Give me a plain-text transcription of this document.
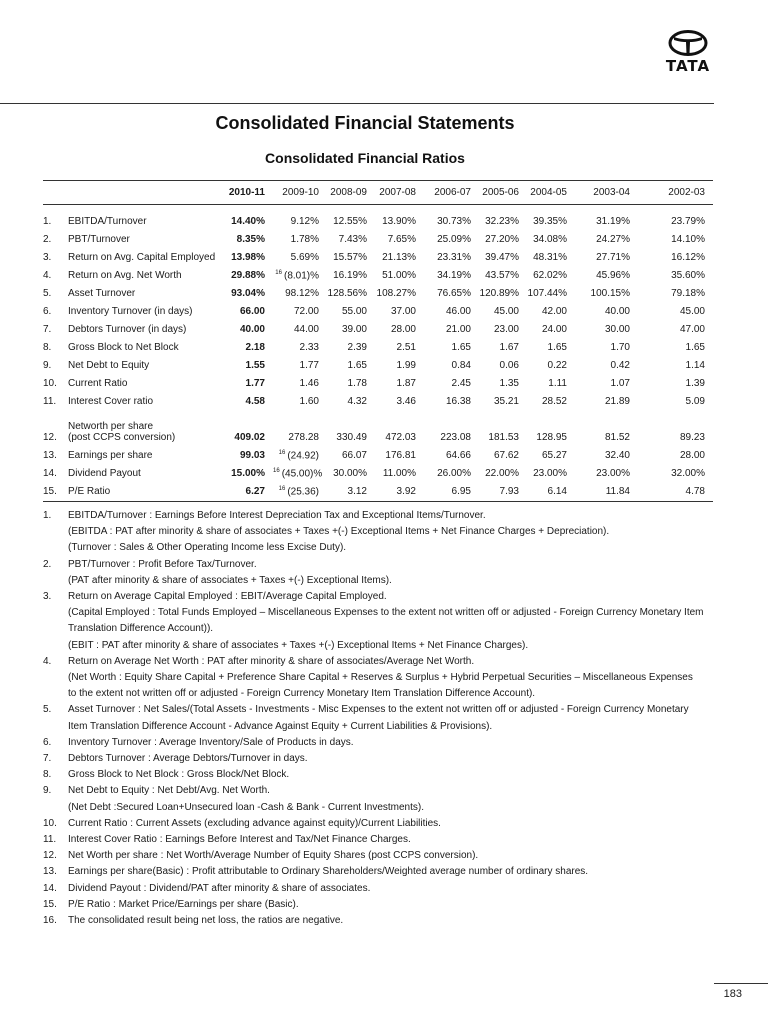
TATA
Consolidated Financial Statements
Consolidated Financial Ratios
		2010-11	2009-10	2008-09	2007-08	2006-07	2005-06	2004-05	2003-04	2002-03
1.	EBITDA/Turnover	14.40%	9.12%	12.55%	13.90%	30.73%	32.23%	39.35%	31.19%	23.79%
2.	PBT/Turnover	8.35%	1.78%	7.43%	7.65%	25.09%	27.20%	34.08%	24.27%	14.10%
3.	Return on Avg. Capital Employed	13.98%	5.69%	15.57%	21.13%	23.31%	39.47%	48.31%	27.71%	16.12%
4.	Return on Avg. Net Worth	29.88%	$^{16}$ (8.01)%	16.19%	51.00%	34.19%	43.57%	62.02%	45.96%	35.60%
5.	Asset Turnover	93.04%	98.12%	128.56%	108.27%	76.65%	120.89%	107.44%	100.15%	79.18%
6.	Inventory Turnover (in days)	66.00	72.00	55.00	37.00	46.00	45.00	42.00	40.00	45.00
7.	Debtors Turnover (in days)	40.00	44.00	39.00	28.00	21.00	23.00	24.00	30.00	47.00
8.	Gross Block to Net Block	2.18	2.33	2.39	2.51	1.65	1.67	1.65	1.70	1.65
9.	Net Debt to Equity	1.55	1.77	1.65	1.99	0.84	0.06	0.22	0.42	1.14
10.	Current Ratio	1.77	1.46	1.78	1.87	2.45	1.35	1.11	1.07	1.39
11.	Interest Cover ratio	4.58	1.60	4.32	3.46	16.38	35.21	28.52	21.89	5.09
12.	Networth per share
(post CCPS conversion)	409.02	278.28	330.49	472.03	223.08	181.53	128.95	81.52	89.23
13.	Earnings per share	99.03	$^{16}$ (24.92)	66.07	176.81	64.66	67.62	65.27	32.40	28.00
14.	Dividend Payout	15.00%	$^{16}$ (45.00)%	30.00%	11.00%	26.00%	22.00%	23.00%	23.00%	32.00%
15.	P/E Ratio	6.27	$^{16}$ (25.36)	3.12	3.92	6.95	7.93	6.14	11.84	4.78
1. EBITDA/Turnover : Earnings Before Interest Depreciation Tax and Exceptional Items/Turnover.
(EBITDA : PAT after minority & share of associates + Taxes +(-) Exceptional Items + Net Finance Charges + Depreciation).
(Turnover : Sales & Other Operating Income less Excise Duty).
2. PBT/Turnover : Profit Before Tax/Turnover.
(PAT after minority & share of associates + Taxes +(-) Exceptional Items).
3. Return on Average Capital Employed : EBIT/Average Capital Employed.
(Capital Employed : Total Funds Employed – Miscellaneous Expenses to the extent not written off or adjusted - Foreign Currency Monetary Item
Translation Difference Account)).
(EBIT : PAT after minority & share of associates + Taxes +(-) Exceptional Items + Net Finance Charges).
4. Return on Average Net Worth : PAT after minority & share of associates/Average Net Worth.
(Net Worth : Equity Share Capital + Preference Share Capital + Reserves & Surplus + Hybrid Perpetual Securities – Miscellaneous Expenses
to the extent not written off or adjusted - Foreign Currency Monetary Item Translation Difference Account).
5. Asset Turnover : Net Sales/(Total Assets - Investments - Misc Expenses to the extent not written off or adjusted - Foreign Currency Monetary
Item Translation Difference Account - Advance Against Equity + Current Liabilities & Provisions).
6. Inventory Turnover : Average Inventory/Sale of Products in days.
7. Debtors Turnover : Average Debtors/Turnover in days.
8. Gross Block to Net Block : Gross Block/Net Block.
9. Net Debt to Equity : Net Debt/Avg. Net Worth.
(Net Debt :Secured Loan+Unsecured loan -Cash & Bank - Current Investments).
10. Current Ratio : Current Assets (excluding advance against equity)/Current Liabilities.
11. Interest Cover Ratio : Earnings Before Interest and Tax/Net Finance Charges.
12. Net Worth per share : Net Worth/Average Number of Equity Shares (post CCPS conversion).
13. Earnings per share(Basic) : Profit attributable to Ordinary Shareholders/Weighted average number of ordinary shares.
14. Dividend Payout : Dividend/PAT after minority & share of associates.
15. P/E Ratio : Market Price/Earnings per share (Basic).
16. The consolidated result being net loss, the ratios are negative.
183
